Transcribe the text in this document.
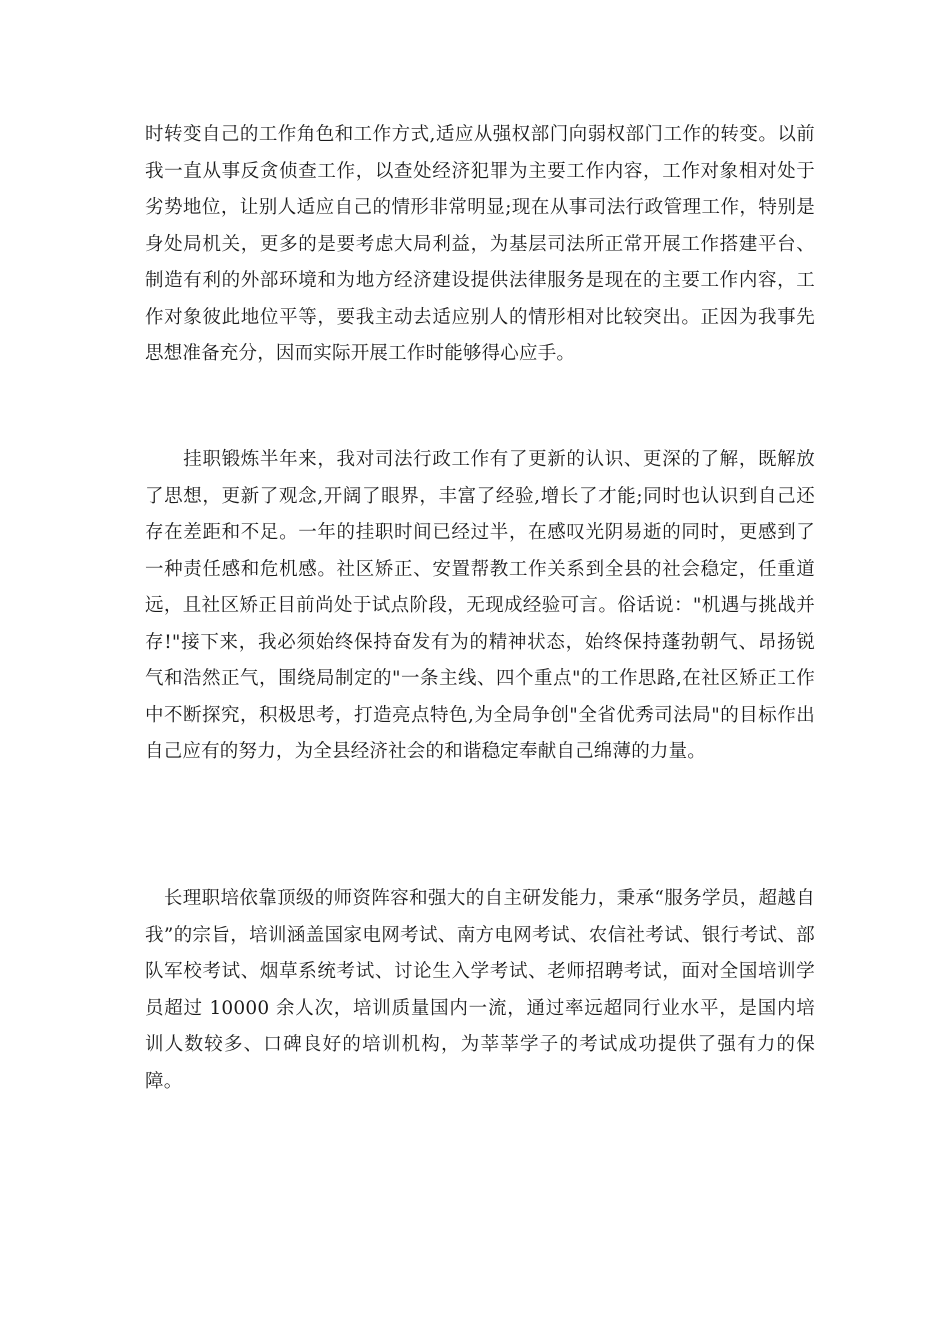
时转变自己的工作角色和工作方式,适应从强权部门向弱权部门工作的转变。以前我一直从事反贪侦查工作，以查处经济犯罪为主要工作内容，工作对象相对处于劣势地位，让别人适应自己的情形非常明显;现在从事司法行政管理工作，特别是身处局机关，更多的是要考虑大局利益，为基层司法所正常开展工作搭建平台、制造有利的外部环境和为地方经济建设提供法律服务是现在的主要工作内容，工作对象彼此地位平等，要我主动去适应别人的情形相对比较突出。正因为我事先思想准备充分，因而实际开展工作时能够得心应手。

　　挂职锻炼半年来，我对司法行政工作有了更新的认识、更深的了解，既解放了思想，更新了观念,开阔了眼界，丰富了经验,增长了才能;同时也认识到自己还存在差距和不足。一年的挂职时间已经过半，在感叹光阴易逝的同时，更感到了一种责任感和危机感。社区矫正、安置帮教工作关系到全县的社会稳定，任重道远，且社区矫正目前尚处于试点阶段，无现成经验可言。俗话说："机遇与挑战并存!"接下来，我必须始终保持奋发有为的精神状态，始终保持蓬勃朝气、昂扬锐气和浩然正气，围绕局制定的"一条主线、四个重点"的工作思路,在社区矫正工作中不断探究，积极思考，打造亮点特色,为全局争创"全省优秀司法局"的目标作出自己应有的努力，为全县经济社会的和谐稳定奉献自己绵薄的力量。

　长理职培依靠顶级的师资阵容和强大的自主研发能力，秉承“服务学员，超越自我”的宗旨，培训涵盖国家电网考试、南方电网考试、农信社考试、银行考试、部队军校考试、烟草系统考试、讨论生入学考试、老师招聘考试，面对全国培训学员超过 10000 余人次，培训质量国内一流，通过率远超同行业水平，是国内培训人数较多、口碑良好的培训机构，为莘莘学子的考试成功提供了强有力的保障。
